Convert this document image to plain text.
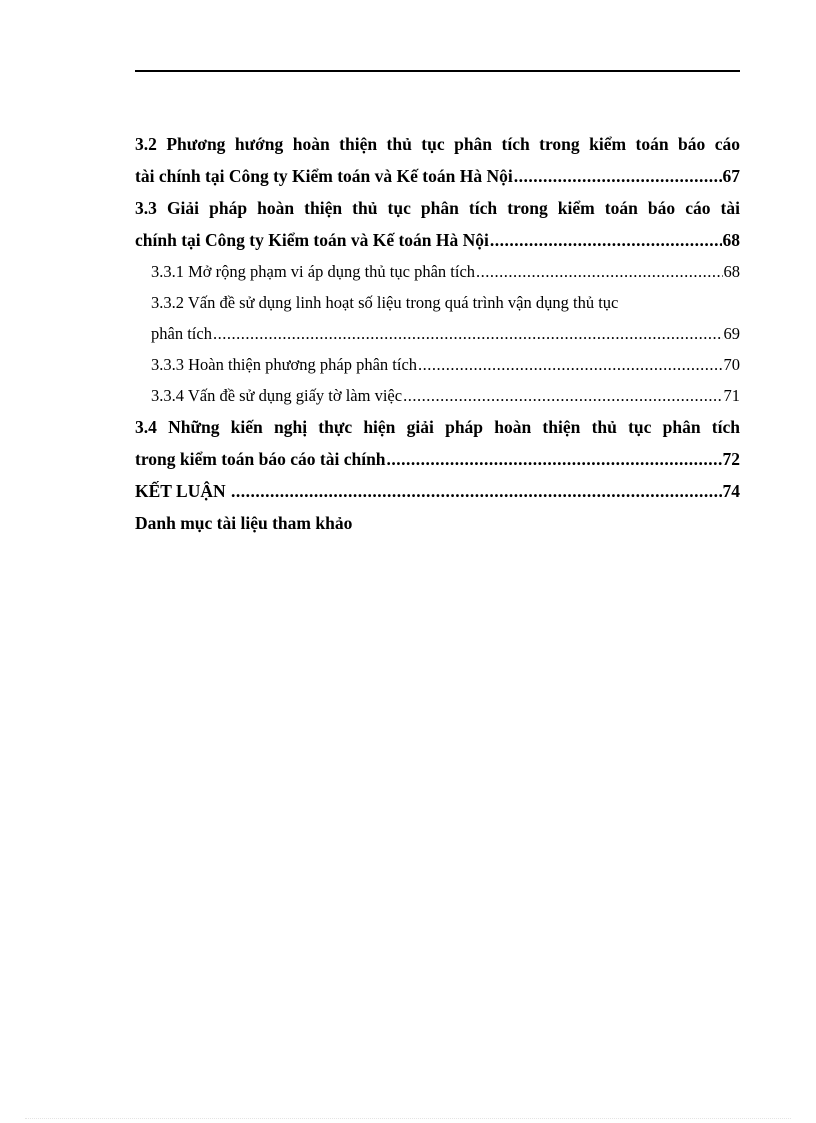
3.2 Phương hướng hoàn thiện thủ tục phân tích trong kiểm toán báo cáo
tài chính tại Công ty Kiểm toán và Kế toán Hà Nội .....	67
3.3 Giải pháp hoàn thiện thủ tục phân tích trong kiểm toán báo cáo tài
chính tại Công ty Kiểm toán và Kế toán Hà Nội .....	68
3.3.1 Mở rộng phạm vi áp dụng thủ tục phân tích .....	68
3.3.2 Vấn đề sử dụng linh hoạt số liệu trong quá trình vận dụng thủ tục
phân tích .....	69
3.3.3 Hoàn thiện phương pháp phân tích .....	70
3.3.4 Vấn đề sử dụng giấy tờ làm việc .....	71
3.4 Những kiến nghị thực hiện giải pháp hoàn thiện thủ tục phân tích
trong kiểm toán báo cáo tài chính .....	72
KẾT LUẬN .....	74
Danh mục tài liệu tham khảo
